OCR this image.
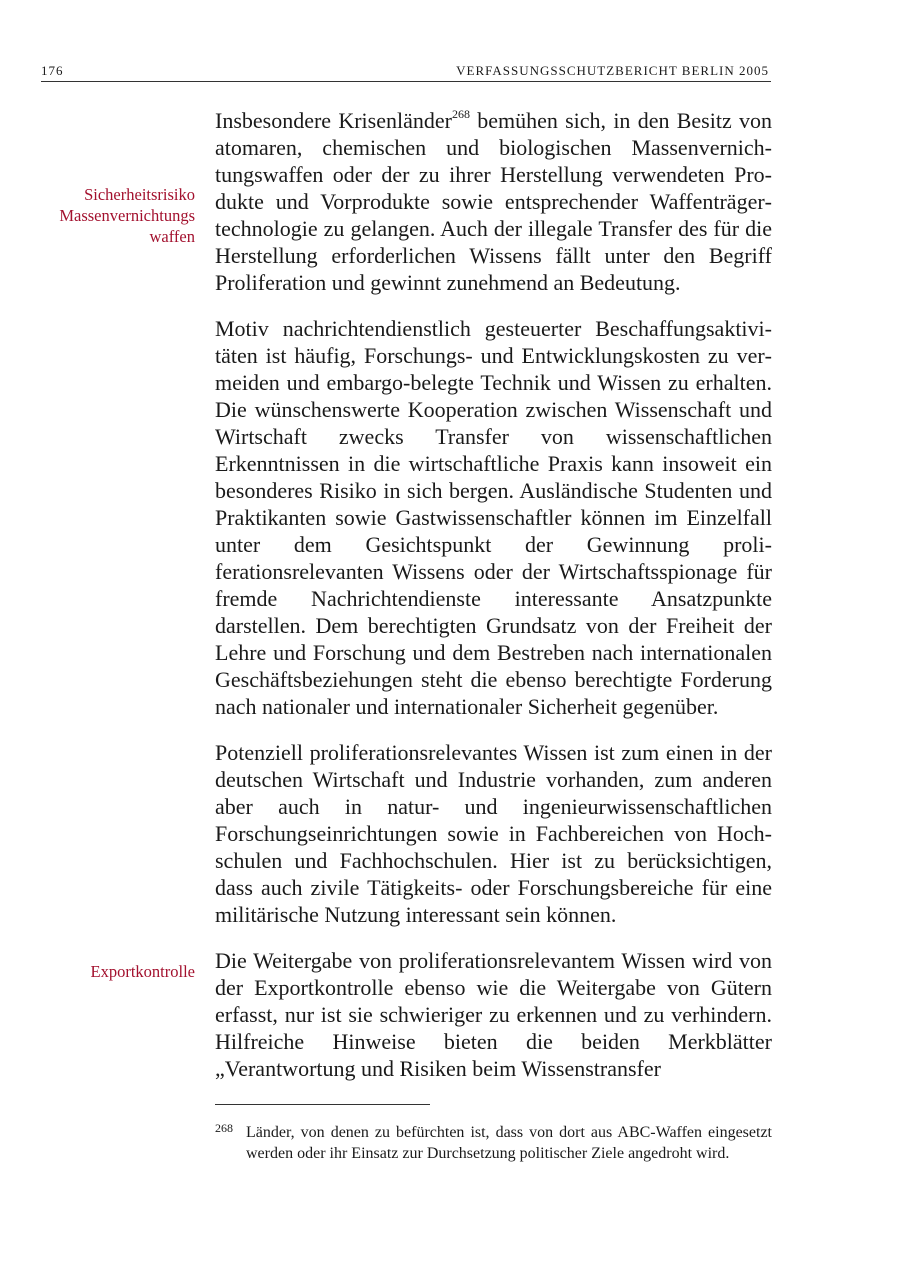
176	VERFASSUNGSSCHUTZBERICHT BERLIN 2005
Sicherheitsrisiko
Massenvernichtungs
waffen
Exportkontrolle

Insbesondere Krisenländer$^{268}$ bemühen sich, in den Besitz von atomaren, chemischen und biologischen Massenvernichtungswaffen oder der zu ihrer Herstellung verwendeten Produkte und Vorprodukte sowie entsprechender Waffenträgertechnologie zu gelangen. Auch der illegale Transfer des für die Herstellung erforderlichen Wissens fällt unter den Begriff Proliferation und gewinnt zunehmend an Bedeutung.

Motiv nachrichtendienstlich gesteuerter Beschaffungsaktivitäten ist häufig, Forschungs- und Entwicklungskosten zu vermeiden und embargo-belegte Technik und Wissen zu erhalten. Die wünschenswerte Kooperation zwischen Wissenschaft und Wirtschaft zwecks Transfer von wissenschaftlichen Erkenntnissen in die wirtschaftliche Praxis kann insoweit ein besonderes Risiko in sich bergen. Ausländische Studenten und Praktikanten sowie Gastwissenschaftler können im Einzelfall unter dem Gesichtspunkt der Gewinnung proliferationsrelevanten Wissens oder der Wirtschaftsspionage für fremde Nachrichtendienste interessante Ansatzpunkte darstellen. Dem berechtigten Grundsatz von der Freiheit der Lehre und Forschung und dem Bestreben nach internationalen Geschäftsbeziehungen steht die ebenso berechtigte Forderung nach nationaler und internationaler Sicherheit gegenüber.

Potenziell proliferationsrelevantes Wissen ist zum einen in der deutschen Wirtschaft und Industrie vorhanden, zum anderen aber auch in natur- und ingenieurwissenschaftlichen Forschungseinrichtungen sowie in Fachbereichen von Hochschulen und Fachhochschulen. Hier ist zu berücksichtigen, dass auch zivile Tätigkeits- oder Forschungsbereiche für eine militärische Nutzung interessant sein können.

Die Weitergabe von proliferationsrelevantem Wissen wird von der Exportkontrolle ebenso wie die Weitergabe von Gütern erfasst, nur ist sie schwieriger zu erkennen und zu verhindern. Hilfreiche Hinweise bieten die beiden Merkblätter „Verantwortung und Risiken beim Wissenstransfer

268 Länder, von denen zu befürchten ist, dass von dort aus ABC-Waffen eingesetzt werden oder ihr Einsatz zur Durchsetzung politischer Ziele angedroht wird.
